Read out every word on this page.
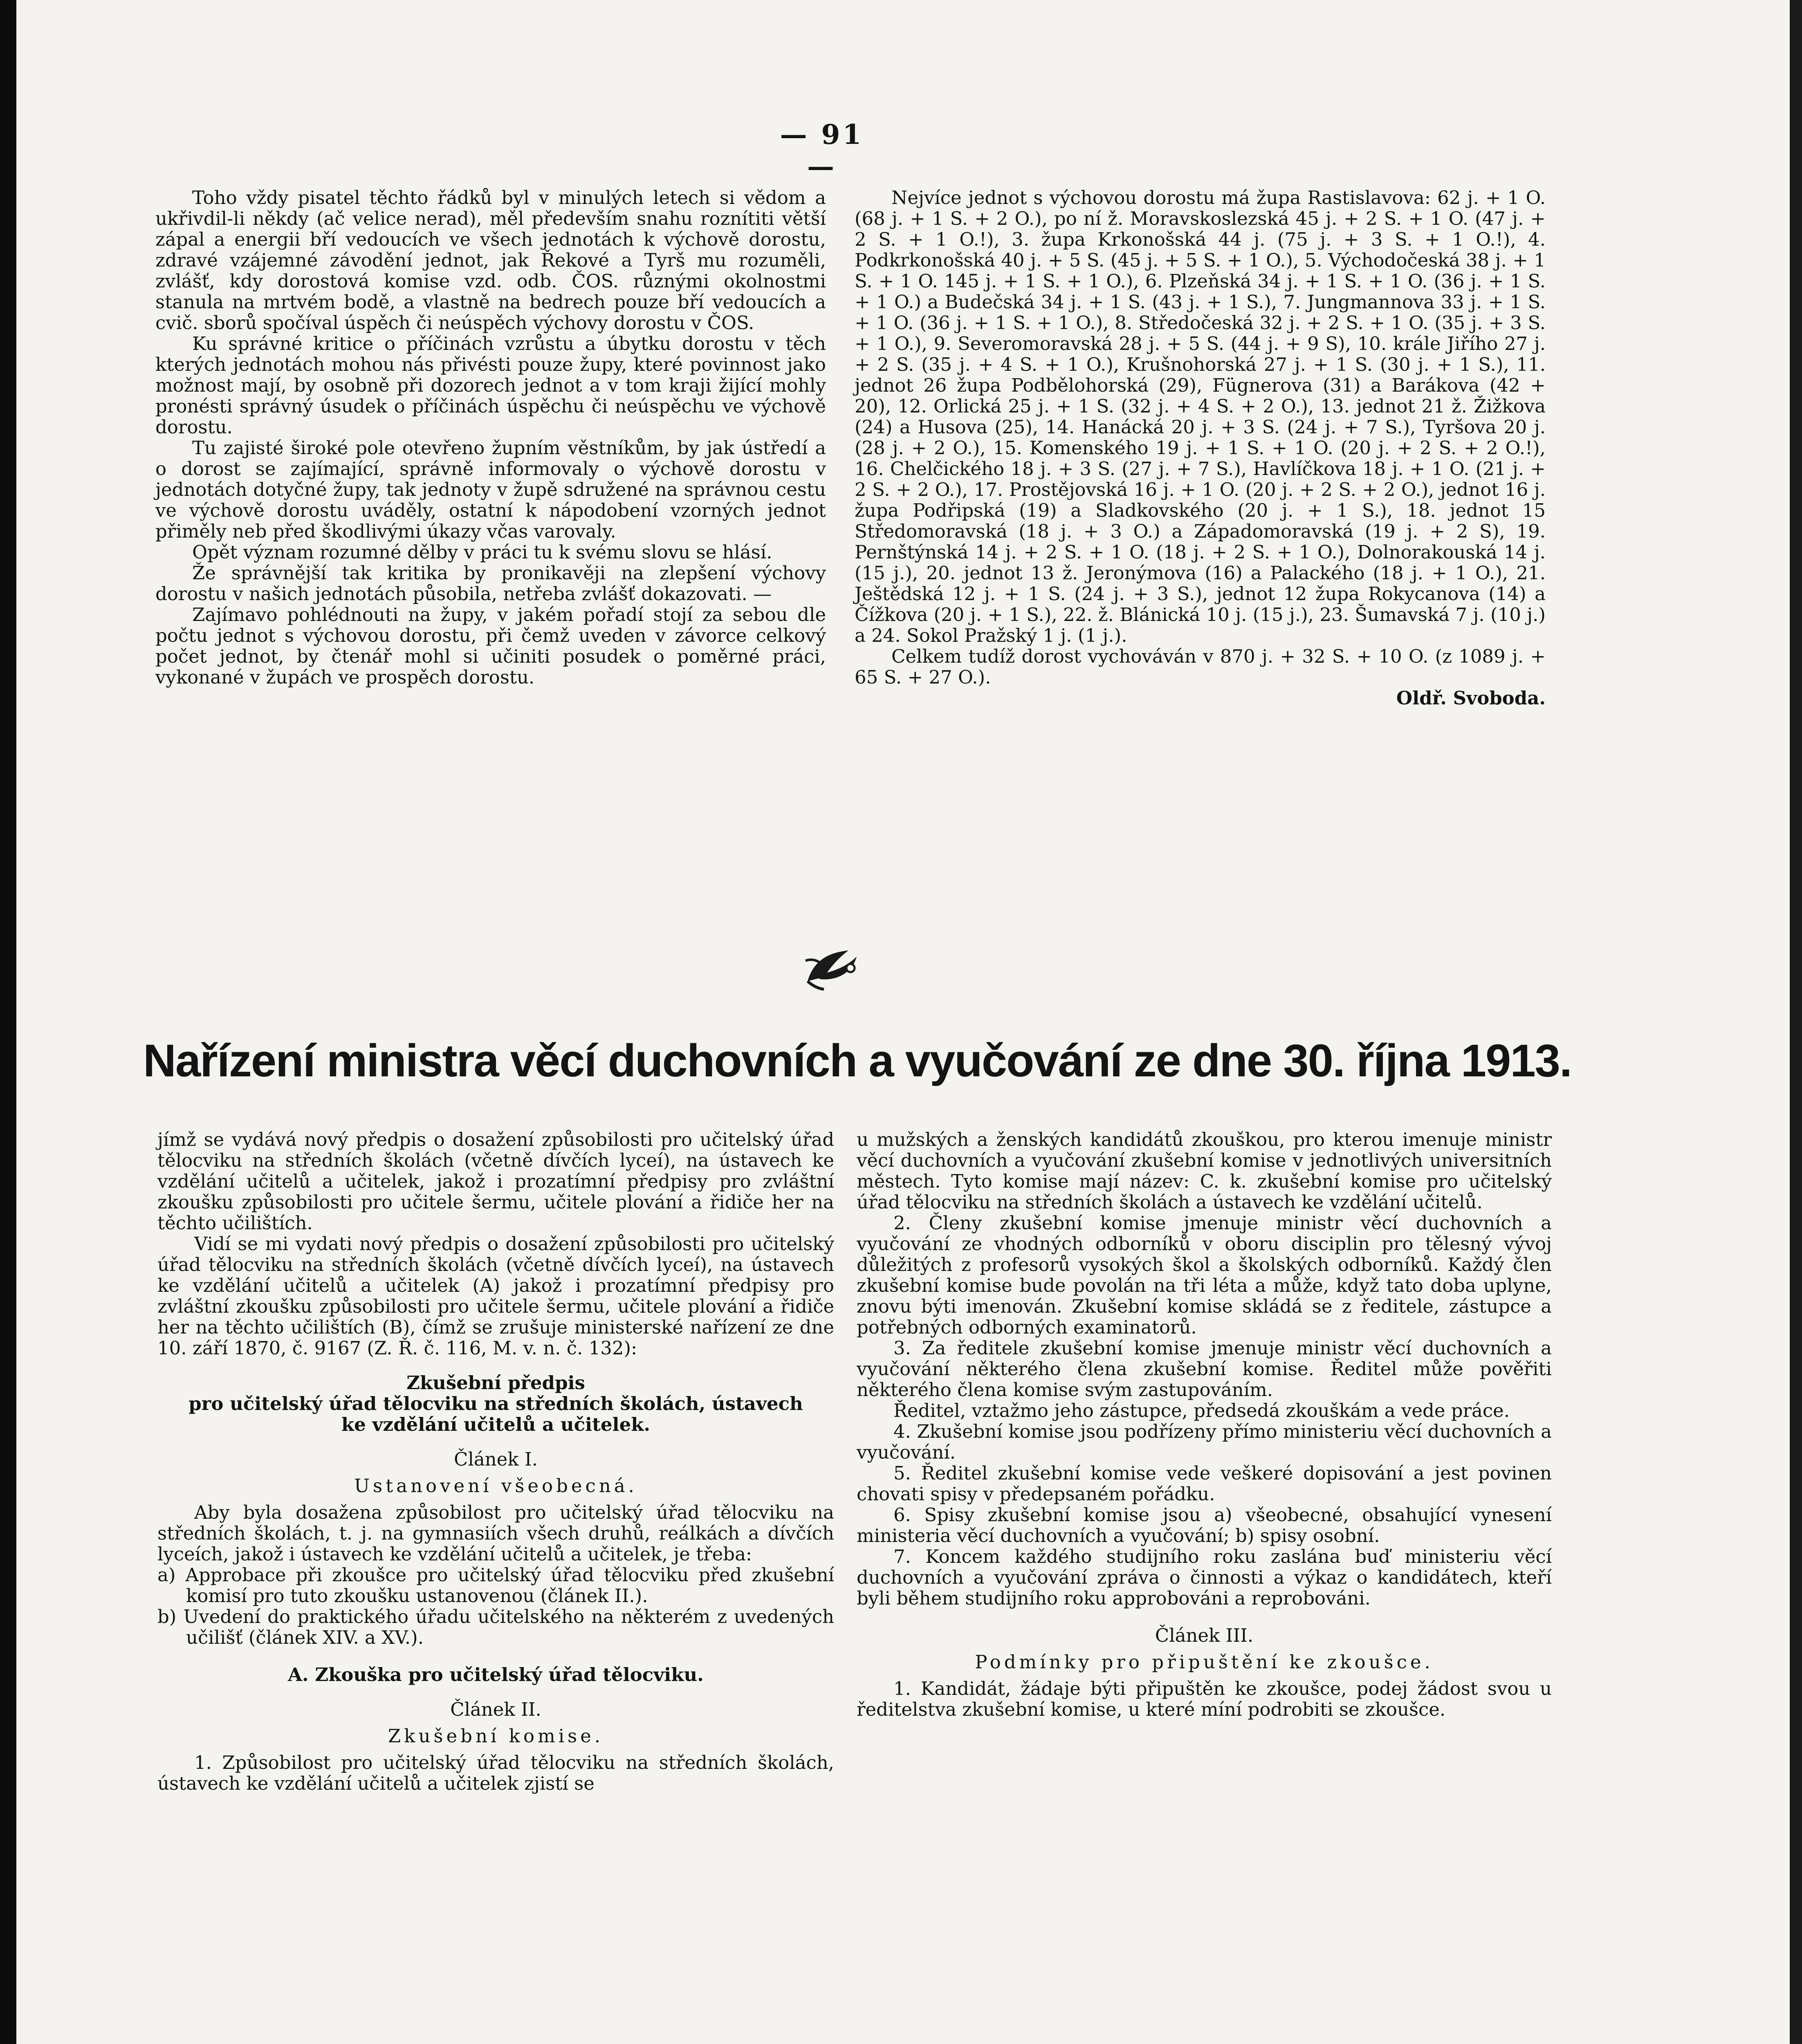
— 91 —

Toho vždy pisatel těchto řádků byl v minulých letech si vědom a ukřivdil-li někdy (ač velice nerad), měl především snahu roznítiti větší zápal a energii bří vedoucích ve všech jednotách k výchově dorostu, zdravé vzájemné závodění jednot, jak Řekové a Tyrš mu rozuměli, zvlášť, kdy dorostová komise vzd. odb. ČOS. různými okolnostmi stanula na mrtvém bodě, a vlastně na bedrech pouze bří vedoucích a cvič. sborů spočíval úspěch či neúspěch výchovy dorostu v ČOS.

Ku správné kritice o příčinách vzrůstu a úbytku dorostu v těch kterých jednotách mohou nás přivésti pouze župy, které povinnost jako možnost mají, by osobně při dozorech jednot a v tom kraji žijící mohly pronésti správný úsudek o příčinách úspěchu či neúspěchu ve výchově dorostu.

Tu zajisté široké pole otevřeno župním věstníkům, by jak ústředí a o dorost se zajímající, správně informovaly o výchově dorostu v jednotách dotyčné župy, tak jednoty v župě sdružené na správnou cestu ve výchově dorostu uváděly, ostatní k nápodobení vzorných jednot přiměly neb před škodlivými úkazy včas varovaly.

Opět význam rozumné dělby v práci tu k svému slovu se hlásí.

Že správnější tak kritika by pronikavěji na zlepšení výchovy dorostu v našich jednotách působila, netřeba zvlášť dokazovati. —

Zajímavo pohlédnouti na župy, v jakém pořadí stojí za sebou dle počtu jednot s výchovou dorostu, při čemž uveden v závorce celkový počet jednot, by čtenář mohl si učiniti posudek o poměrné práci, vykonané v župách ve prospěch dorostu.

Nejvíce jednot s výchovou dorostu má župa Rastislavova: 62 j. + 1 O. (68 j. + 1 S. + 2 O.), po ní ž. Moravskoslezská 45 j. + 2 S. + 1 O. (47 j. + 2 S. + 1 O.!), 3. župa Krkonošská 44 j. (75 j. + 3 S. + 1 O.!), 4. Podkrkonošská 40 j. + 5 S. (45 j. + 5 S. + 1 O.), 5. Východočeská 38 j. + 1 S. + 1 O. 145 j. + 1 S. + 1 O.), 6. Plzeňská 34 j. + 1 S. + 1 O. (36 j. + 1 S. + 1 O.) a Budečská 34 j. + 1 S. (43 j. + 1 S.), 7. Jungmannova 33 j. + 1 S. + 1 O. (36 j. + 1 S. + 1 O.), 8. Středočeská 32 j. + 2 S. + 1 O. (35 j. + 3 S. + 1 O.), 9. Severomoravská 28 j. + 5 S. (44 j. + 9 S), 10. krále Jiřího 27 j. + 2 S. (35 j. + 4 S. + 1 O.), Krušnohorská 27 j. + 1 S. (30 j. + 1 S.), 11. jednot 26 župa Podbělohorská (29), Fügnerova (31) a Barákova (42 + 20), 12. Orlická 25 j. + 1 S. (32 j. + 4 S. + 2 O.), 13. jednot 21 ž. Žižkova (24) a Husova (25), 14. Hanácká 20 j. + 3 S. (24 j. + 7 S.), Tyršova 20 j. (28 j. + 2 O.), 15. Komenského 19 j. + 1 S. + 1 O. (20 j. + 2 S. + 2 O.!), 16. Chelčického 18 j. + 3 S. (27 j. + 7 S.), Havlíčkova 18 j. + 1 O. (21 j. + 2 S. + 2 O.), 17. Prostějovská 16 j. + 1 O. (20 j. + 2 S. + 2 O.), jednot 16 j. župa Podřipská (19) a Sladkovského (20 j. + 1 S.), 18. jednot 15 Středomoravská (18 j. + 3 O.) a Západomoravská (19 j. + 2 S), 19. Pernštýnská 14 j. + 2 S. + 1 O. (18 j. + 2 S. + 1 O.), Dolnorakouská 14 j. (15 j.), 20. jednot 13 ž. Jeronýmova (16) a Palackého (18 j. + 1 O.), 21. Ještědská 12 j. + 1 S. (24 j. + 3 S.), jednot 12 župa Rokycanova (14) a Čížkova (20 j. + 1 S.), 22. ž. Blánická 10 j. (15 j.), 23. Šumavská 7 j. (10 j.) a 24. Sokol Pražský 1 j. (1 j.).

Celkem tudíž dorost vychováván v 870 j. + 32 S. + 10 O. (z 1089 j. + 65 S. + 27 O.).

Oldř. Svoboda.

Nařízení ministra věcí duchovních a vyučování ze dne 30. října 1913.

jímž se vydává nový předpis o dosažení způsobilosti pro učitelský úřad tělocviku na středních školách (včetně dívčích lyceí), na ústavech ke vzdělání učitelů a učitelek, jakož i prozatímní předpisy pro zvláštní zkoušku způsobilosti pro učitele šermu, učitele plování a řidiče her na těchto učilištích.

Vidí se mi vydati nový předpis o dosažení způsobilosti pro učitelský úřad tělocviku na středních školách (včetně dívčích lyceí), na ústavech ke vzdělání učitelů a učitelek (A) jakož i prozatímní předpisy pro zvláštní zkoušku způsobilosti pro učitele šermu, učitele plování a řidiče her na těchto učilištích (B), čímž se zrušuje ministerské nařízení ze dne 10. září 1870, č. 9167 (Z. Ř. č. 116, M. v. n. č. 132):

Zkušební předpis

pro učitelský úřad tělocviku na středních školách, ústavech

ke vzdělání učitelů a učitelek.

Článek I.

Ustanovení všeobecná.

Aby byla dosažena způsobilost pro učitelský úřad tělocviku na středních školách, t. j. na gymnasiích všech druhů, reálkách a dívčích lyceích, jakož i ústavech ke vzdělání učitelů a učitelek, je třeba:

a) Approbace při zkoušce pro učitelský úřad tělocviku před zkušební komisí pro tuto zkoušku ustanovenou (článek II.).

b) Uvedení do praktického úřadu učitelského na některém z uvedených učilišť (článek XIV. a XV.).

A. Zkouška pro učitelský úřad tělocviku.

Článek II.

Zkušební komise.

1. Způsobilost pro učitelský úřad tělocviku na středních školách, ústavech ke vzdělání učitelů a učitelek zjistí se

u mužských a ženských kandidátů zkouškou, pro kterou imenuje ministr věcí duchovních a vyučování zkušební komise v jednotlivých universitních městech. Tyto komise mají název: C. k. zkušební komise pro učitelský úřad tělocviku na středních školách a ústavech ke vzdělání učitelů.

2. Členy zkušební komise jmenuje ministr věcí duchovních a vyučování ze vhodných odborníků v oboru disciplin pro tělesný vývoj důležitých z profesorů vysokých škol a školských odborníků. Každý člen zkušební komise bude povolán na tři léta a může, když tato doba uplyne, znovu býti imenován. Zkušební komise skládá se z ředitele, zástupce a potřebných odborných examinatorů.

3. Za ředitele zkušební komise jmenuje ministr věcí duchovních a vyučování některého člena zkušební komise. Ředitel může pověřiti některého člena komise svým zastupováním.

Ředitel, vztažmo jeho zástupce, předsedá zkouškám a vede práce.

4. Zkušební komise jsou podřízeny přímo ministeriu věcí duchovních a vyučování.

5. Ředitel zkušební komise vede veškeré dopisování a jest povinen chovati spisy v předepsaném pořádku.

6. Spisy zkušební komise jsou a) všeobecné, obsahující vynesení ministeria věcí duchovních a vyučování; b) spisy osobní.

7. Koncem každého studijního roku zaslána buď ministeriu věcí duchovních a vyučování zpráva o činnosti a výkaz o kandidátech, kteří byli během studijního roku approbováni a reprobováni.

Článek III.

Podmínky pro připuštění ke zkoušce.

1. Kandidát, žádaje býti připuštěn ke zkoušce, podej žádost svou u ředitelstva zkušební komise, u které míní podrobiti se zkoušce.
